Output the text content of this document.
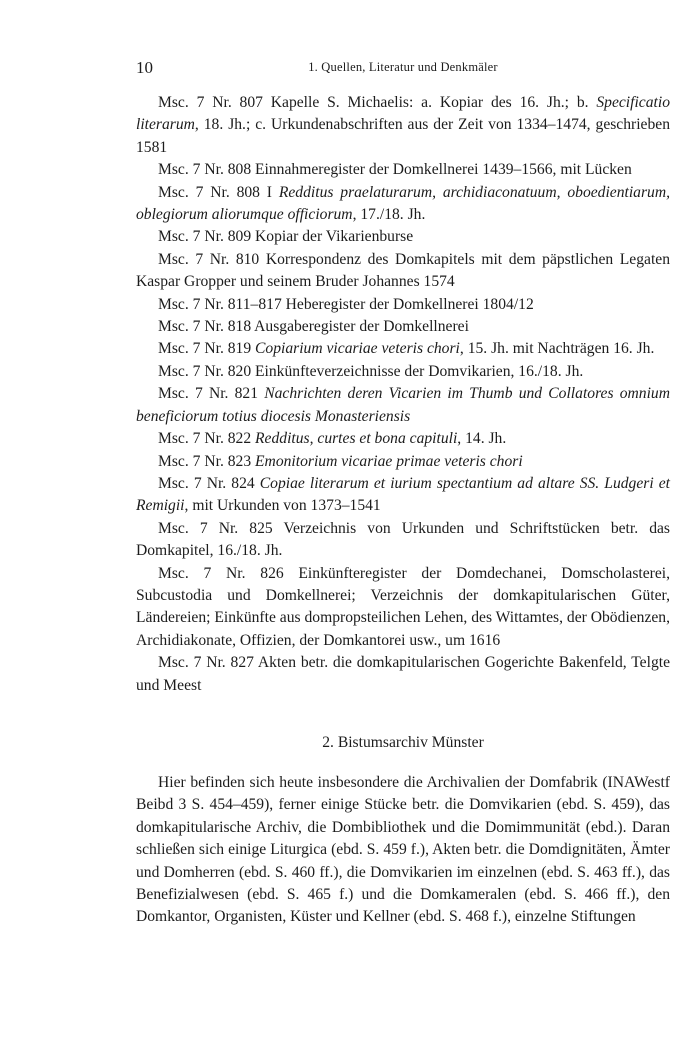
10	1. Quellen, Literatur und Denkmäler

Msc. 7 Nr. 807 Kapelle S. Michaelis: a. Kopiar des 16. Jh.; b. Specificatio literarum, 18. Jh.; c. Urkundenabschriften aus der Zeit von 1334–1474, geschrieben 1581

Msc. 7 Nr. 808 Einnahmeregister der Domkellnerei 1439–1566, mit Lücken

Msc. 7 Nr. 808 I Redditus praelaturarum, archidiaconatuum, oboedientiarum, oblegiorum aliorumque officiorum, 17./18. Jh.

Msc. 7 Nr. 809 Kopiar der Vikarienburse

Msc. 7 Nr. 810 Korrespondenz des Domkapitels mit dem päpstlichen Legaten Kaspar Gropper und seinem Bruder Johannes 1574

Msc. 7 Nr. 811–817 Heberegister der Domkellnerei 1804/12

Msc. 7 Nr. 818 Ausgaberegister der Domkellnerei

Msc. 7 Nr. 819 Copiarium vicariae veteris chori, 15. Jh. mit Nachträgen 16. Jh.

Msc. 7 Nr. 820 Einkünfteverzeichnisse der Domvikarien, 16./18. Jh.

Msc. 7 Nr. 821 Nachrichten deren Vicarien im Thumb und Collatores omnium beneficiorum totius diocesis Monasteriensis

Msc. 7 Nr. 822 Redditus, curtes et bona capituli, 14. Jh.

Msc. 7 Nr. 823 Emonitorium vicariae primae veteris chori

Msc. 7 Nr. 824 Copiae literarum et iurium spectantium ad altare SS. Ludgeri et Remigii, mit Urkunden von 1373–1541

Msc. 7 Nr. 825 Verzeichnis von Urkunden und Schriftstücken betr. das Domkapitel, 16./18. Jh.

Msc. 7 Nr. 826 Einkünfteregister der Domdechanei, Domscholasterei, Subcustodia und Domkellnerei; Verzeichnis der domkapitularischen Güter, Ländereien; Einkünfte aus dompropsteilichen Lehen, des Wittamtes, der Obödienzen, Archidiakonate, Offizien, der Domkantorei usw., um 1616

Msc. 7 Nr. 827 Akten betr. die domkapitularischen Gogerichte Bakenfeld, Telgte und Meest

2. Bistumsarchiv Münster

Hier befinden sich heute insbesondere die Archivalien der Domfabrik (INAWestf Beibd 3 S. 454–459), ferner einige Stücke betr. die Domvikarien (ebd. S. 459), das domkapitularische Archiv, die Dombibliothek und die Domimmunität (ebd.). Daran schließen sich einige Liturgica (ebd. S. 459 f.), Akten betr. die Domdignitäten, Ämter und Domherren (ebd. S. 460 ff.), die Domvikarien im einzelnen (ebd. S. 463 ff.), das Benefizialwesen (ebd. S. 465 f.) und die Domkameralen (ebd. S. 466 ff.), den Domkantor, Organisten, Küster und Kellner (ebd. S. 468 f.), einzelne Stiftungen
